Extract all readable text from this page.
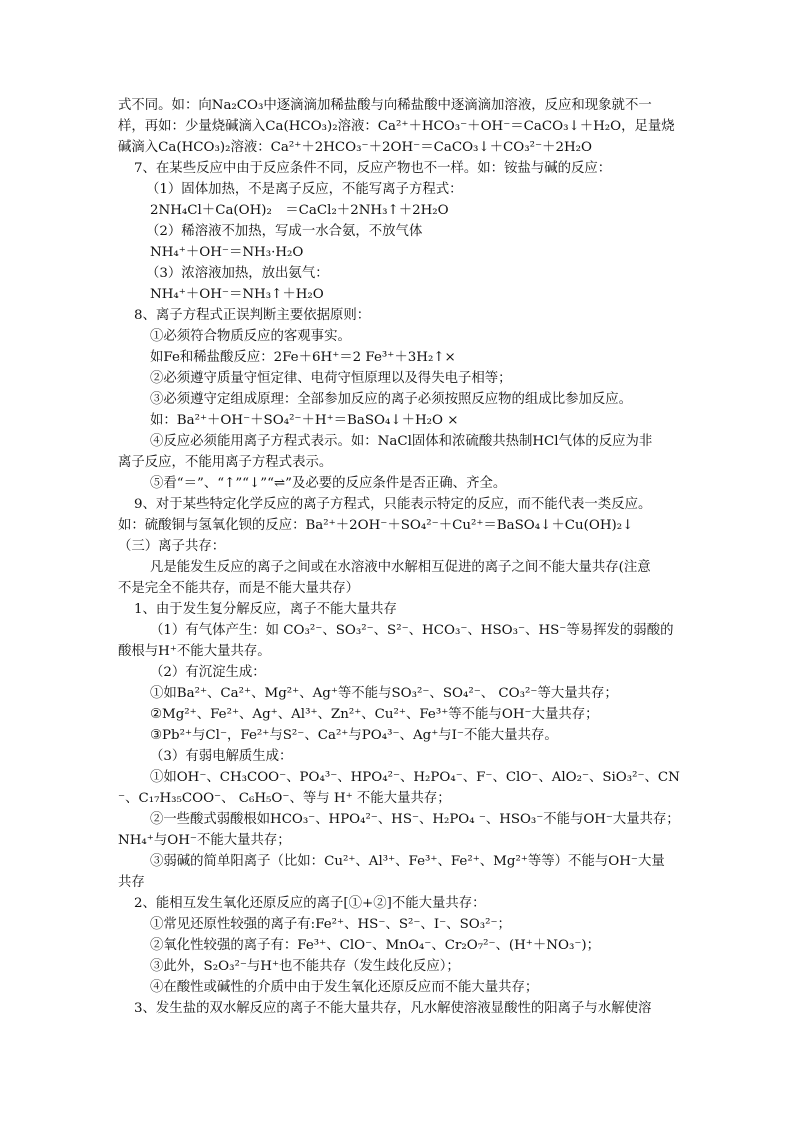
式不同。如：向Na₂CO₃中逐滴滴加稀盐酸与向稀盐酸中逐滴滴加溶液，反应和现象就不一
样，再如：少量烧碱滴入Ca(HCO₃)₂溶液：Ca²⁺＋HCO₃⁻＋OH⁻＝CaCO₃↓＋H₂O，足量烧
碱滴入Ca(HCO₃)₂溶液：Ca²⁺＋2HCO₃⁻＋2OH⁻＝CaCO₃↓＋CO₃²⁻＋2H₂O
7、在某些反应中由于反应条件不同，反应产物也不一样。如：铵盐与碱的反应：
（1）固体加热，不是离子反应，不能写离子方程式：
2NH₄Cl＋Ca(OH)₂　＝CaCl₂＋2NH₃↑＋2H₂O
（2）稀溶液不加热，写成一水合氨，不放气体
NH₄⁺＋OH⁻＝NH₃·H₂O
（3）浓溶液加热，放出氨气：
NH₄⁺＋OH⁻＝NH₃↑＋H₂O
8、离子方程式正误判断主要依据原则：
①必须符合物质反应的客观事实。
如Fe和稀盐酸反应：2Fe＋6H⁺＝2 Fe³⁺＋3H₂↑×
②必须遵守质量守恒定律、电荷守恒原理以及得失电子相等；
③必须遵守定组成原理：全部参加反应的离子必须按照反应物的组成比参加反应。
如：Ba²⁺＋OH⁻＋SO₄²⁻＋H⁺＝BaSO₄↓＋H₂O ×
④反应必须能用离子方程式表示。如：NaCl固体和浓硫酸共热制HCl气体的反应为非
离子反应，不能用离子方程式表示。
⑤看“＝”、“↑”“↓”“⇌”及必要的反应条件是否正确、齐全。
9、对于某些特定化学反应的离子方程式，只能表示特定的反应，而不能代表一类反应。
如：硫酸铜与氢氧化钡的反应：Ba²⁺＋2OH⁻＋SO₄²⁻＋Cu²⁺＝BaSO₄↓＋Cu(OH)₂↓
（三）离子共存：
凡是能发生反应的离子之间或在水溶液中水解相互促进的离子之间不能大量共存(注意
不是完全不能共存，而是不能大量共存）
1、由于发生复分解反应，离子不能大量共存
（1）有气体产生：如 CO₃²⁻、SO₃²⁻、S²⁻、HCO₃⁻、HSO₃⁻、HS⁻等易挥发的弱酸的
酸根与H⁺不能大量共存。
（2）有沉淀生成：
①如Ba²⁺、Ca²⁺、Mg²⁺、Ag⁺等不能与SO₃²⁻、SO₄²⁻、 CO₃²⁻等大量共存；
②Mg²⁺、Fe²⁺、Ag⁺、Al³⁺、Zn²⁺、Cu²⁺、Fe³⁺等不能与OH⁻大量共存；
③Pb²⁺与Cl⁻，Fe²⁺与S²⁻、Ca²⁺与PO₄³⁻、Ag⁺与I⁻不能大量共存。
（3）有弱电解质生成：
①如OH⁻、CH₃COO⁻、PO₄³⁻、HPO₄²⁻、H₂PO₄⁻、F⁻、ClO⁻、AlO₂⁻、SiO₃²⁻、CN
⁻、C₁₇H₃₅COO⁻、 C₆H₅O⁻、等与 H⁺ 不能大量共存；
②一些酸式弱酸根如HCO₃⁻、HPO₄²⁻、HS⁻、H₂PO₄ ⁻、HSO₃⁻不能与OH⁻大量共存；
NH₄⁺与OH⁻不能大量共存；
③弱碱的简单阳离子（比如：Cu²⁺、Al³⁺、Fe³⁺、Fe²⁺、Mg²⁺等等）不能与OH⁻大量
共存
2、能相互发生氧化还原反应的离子[①+②]不能大量共存：
①常见还原性较强的离子有:Fe²⁺、HS⁻、S²⁻、I⁻、SO₃²⁻；
②氧化性较强的离子有：Fe³⁺、ClO⁻、MnO₄⁻、Cr₂O₇²⁻、(H⁺＋NO₃⁻)；
③此外，S₂O₃²⁻与H⁺也不能共存（发生歧化反应）；
④在酸性或碱性的介质中由于发生氧化还原反应而不能大量共存；
3、发生盐的双水解反应的离子不能大量共存，凡水解使溶液显酸性的阳离子与水解使溶
